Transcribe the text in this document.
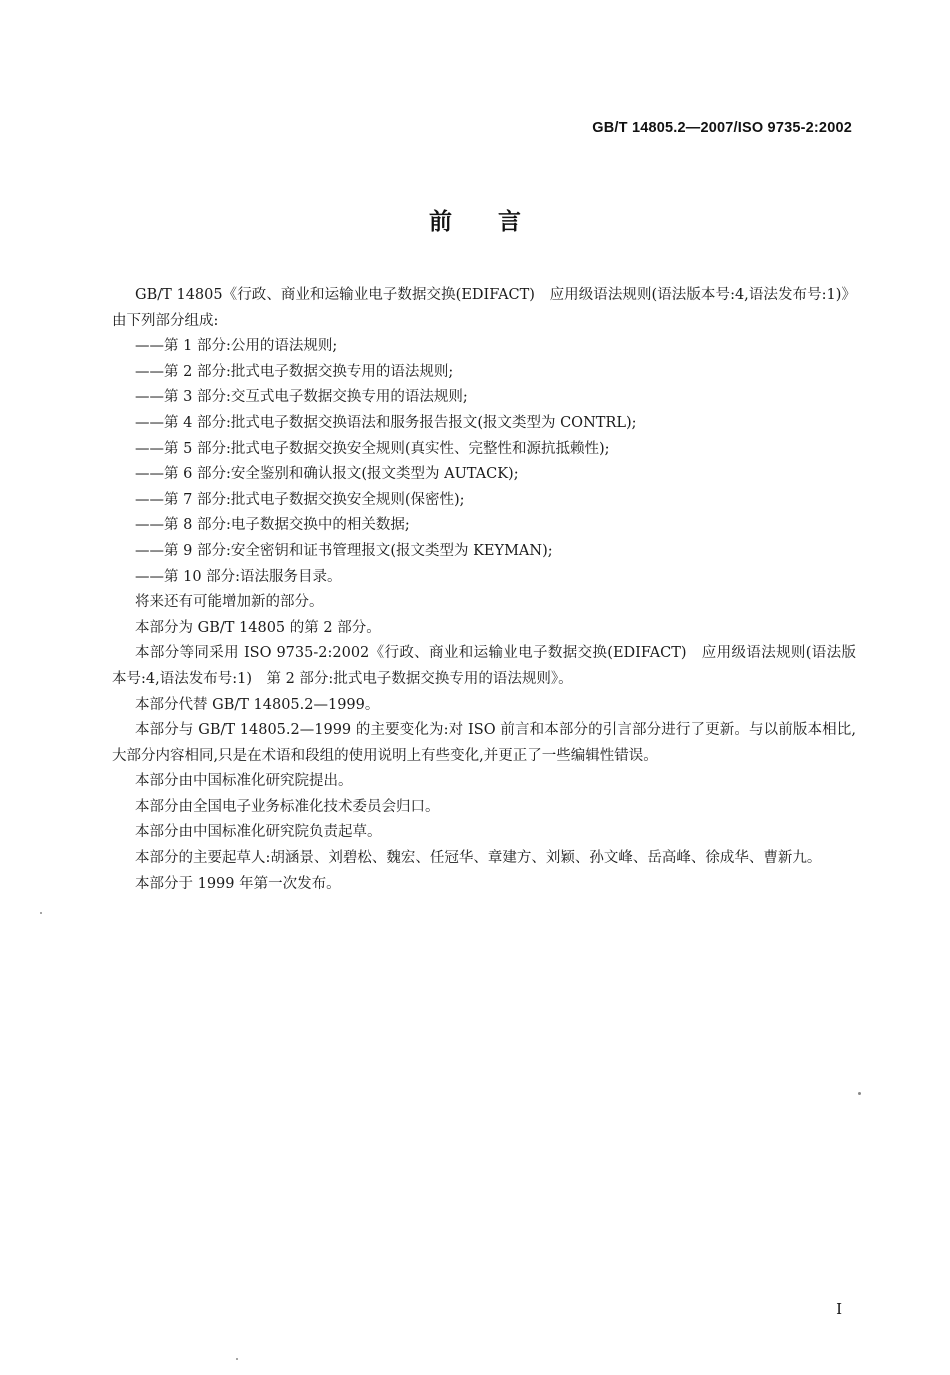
GB/T 14805.2—2007/ISO 9735-2:2002
前言

GB/T 14805《行政、商业和运输业电子数据交换(EDIFACT)　应用级语法规则(语法版本号:4,语法发布号:1)》由下列部分组成:

——第 1 部分:公用的语法规则;

——第 2 部分:批式电子数据交换专用的语法规则;

——第 3 部分:交互式电子数据交换专用的语法规则;

——第 4 部分:批式电子数据交换语法和服务报告报文(报文类型为 CONTRL);

——第 5 部分:批式电子数据交换安全规则(真实性、完整性和源抗抵赖性);

——第 6 部分:安全鉴别和确认报文(报文类型为 AUTACK);

——第 7 部分:批式电子数据交换安全规则(保密性);

——第 8 部分:电子数据交换中的相关数据;

——第 9 部分:安全密钥和证书管理报文(报文类型为 KEYMAN);

——第 10 部分:语法服务目录。

将来还有可能增加新的部分。

本部分为 GB/T 14805 的第 2 部分。

本部分等同采用 ISO 9735-2:2002《行政、商业和运输业电子数据交换(EDIFACT)　应用级语法规则(语法版本号:4,语法发布号:1)　第 2 部分:批式电子数据交换专用的语法规则》。

本部分代替 GB/T 14805.2—1999。

本部分与 GB/T 14805.2—1999 的主要变化为:对 ISO 前言和本部分的引言部分进行了更新。与以前版本相比,大部分内容相同,只是在术语和段组的使用说明上有些变化,并更正了一些编辑性错误。

本部分由中国标准化研究院提出。

本部分由全国电子业务标准化技术委员会归口。

本部分由中国标准化研究院负责起草。

本部分的主要起草人:胡涵景、刘碧松、魏宏、任冠华、章建方、刘颖、孙文峰、岳高峰、徐成华、曹新九。

本部分于 1999 年第一次发布。

I
